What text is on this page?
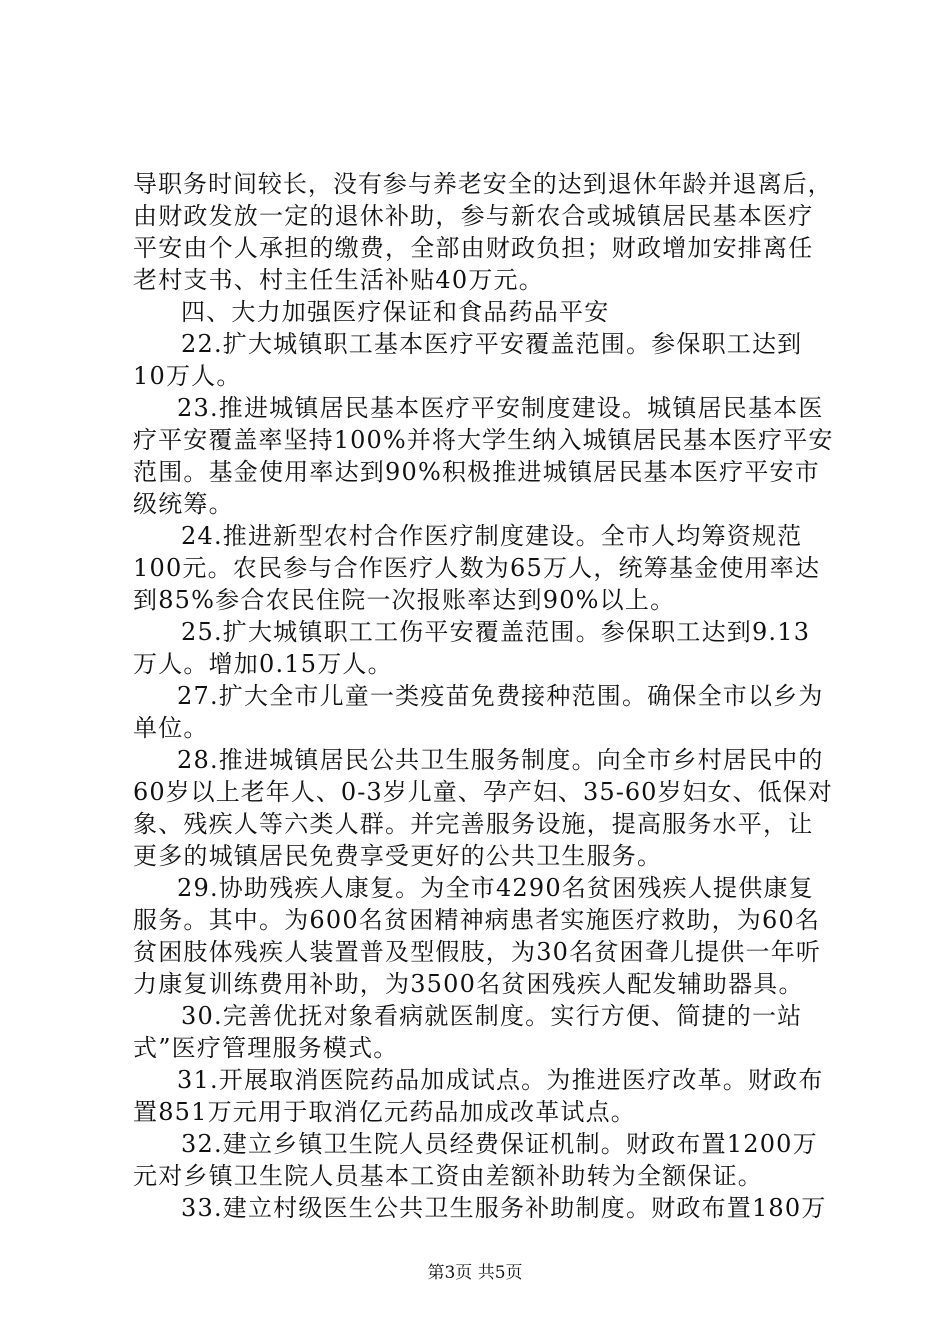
导职务时间较长，没有参与养老安全的达到退休年龄并退离后，
由财政发放一定的退休补助，参与新农合或城镇居民基本医疗
平安由个人承担的缴费，全部由财政负担；财政增加安排离任
老村支书、村主任生活补贴40万元。
四、大力加强医疗保证和食品药品平安
22.扩大城镇职工基本医疗平安覆盖范围。参保职工达到
10万人。
23.推进城镇居民基本医疗平安制度建设。城镇居民基本医
疗平安覆盖率坚持100%并将大学生纳入城镇居民基本医疗平安
范围。基金使用率达到90%积极推进城镇居民基本医疗平安市
级统筹。
24.推进新型农村合作医疗制度建设。全市人均筹资规范
100元。农民参与合作医疗人数为65万人，统筹基金使用率达
到85%参合农民住院一次报账率达到90%以上。
25.扩大城镇职工工伤平安覆盖范围。参保职工达到9.13
万人。增加0.15万人。
27.扩大全市儿童一类疫苗免费接种范围。确保全市以乡为
单位。
28.推进城镇居民公共卫生服务制度。向全市乡村居民中的
60岁以上老年人、0-3岁儿童、孕产妇、35-60岁妇女、低保对
象、残疾人等六类人群。并完善服务设施，提高服务水平，让
更多的城镇居民免费享受更好的公共卫生服务。
29.协助残疾人康复。为全市4290名贫困残疾人提供康复
服务。其中。为600名贫困精神病患者实施医疗救助，为60名
贫困肢体残疾人装置普及型假肢，为30名贫困聋儿提供一年听
力康复训练费用补助，为3500名贫困残疾人配发辅助器具。
30.完善优抚对象看病就医制度。实行方便、简捷的一站
式”医疗管理服务模式。
31.开展取消医院药品加成试点。为推进医疗改革。财政布
置851万元用于取消亿元药品加成改革试点。
32.建立乡镇卫生院人员经费保证机制。财政布置1200万
元对乡镇卫生院人员基本工资由差额补助转为全额保证。
33.建立村级医生公共卫生服务补助制度。财政布置180万
第3页 共5页
